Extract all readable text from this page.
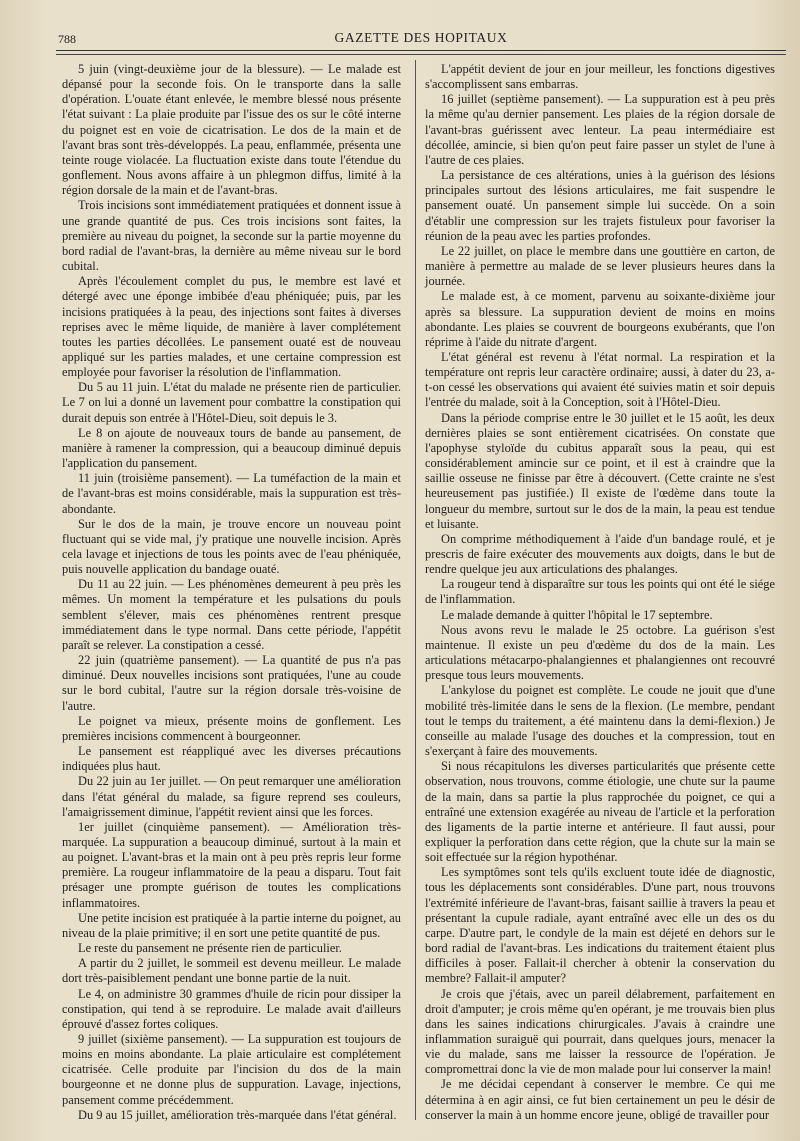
788	GAZETTE DES HOPITAUX

5 juin (vingt-deuxième jour de la blessure). — Le malade est dépansé pour la seconde fois. On le transporte dans la salle d'opération. L'ouate étant enlevée, le membre blessé nous présente l'état suivant : La plaie produite par l'issue des os sur le côté interne du poignet est en voie de cicatrisation. Le dos de la main et de l'avant bras sont très-développés. La peau, enflammée, présenta une teinte rouge violacée. La fluctuation existe dans toute l'étendue du gonflement. Nous avons affaire à un phlegmon diffus, limité à la région dorsale de la main et de l'avant-bras.

Trois incisions sont immédiatement pratiquées et donnent issue à une grande quantité de pus. Ces trois incisions sont faites, la première au niveau du poignet, la seconde sur la partie moyenne du bord radial de l'avant-bras, la dernière au même niveau sur le bord cubital.

Après l'écoulement complet du pus, le membre est lavé et détergé avec une éponge imbibée d'eau phéniquée; puis, par les incisions pratiquées à la peau, des injections sont faites à diverses reprises avec le même liquide, de manière à laver complétement toutes les parties décollées. Le pansement ouaté est de nouveau appliqué sur les parties malades, et une certaine compression est employée pour favoriser la résolution de l'inflammation.

Du 5 au 11 juin. L'état du malade ne présente rien de particulier. Le 7 on lui a donné un lavement pour combattre la constipation qui durait depuis son entrée à l'Hôtel-Dieu, soit depuis le 3.

Le 8 on ajoute de nouveaux tours de bande au pansement, de manière à ramener la compression, qui a beaucoup diminué depuis l'application du pansement.

11 juin (troisième pansement). — La tuméfaction de la main et de l'avant-bras est moins considérable, mais la suppuration est très-abondante.

Sur le dos de la main, je trouve encore un nouveau point fluctuant qui se vide mal, j'y pratique une nouvelle incision. Après cela lavage et injections de tous les points avec de l'eau phéniquée, puis nouvelle application du bandage ouaté.

Du 11 au 22 juin. — Les phénomènes demeurent à peu près les mêmes. Un moment la température et les pulsations du pouls semblent s'élever, mais ces phénomènes rentrent presque immédiatement dans le type normal. Dans cette période, l'appétit paraît se relever. La constipation a cessé.

22 juin (quatrième pansement). — La quantité de pus n'a pas diminué. Deux nouvelles incisions sont pratiquées, l'une au coude sur le bord cubital, l'autre sur la région dorsale très-voisine de l'autre.

Le poignet va mieux, présente moins de gonflement. Les premières incisions commencent à bourgeonner.

Le pansement est réappliqué avec les diverses précautions indiquées plus haut.

Du 22 juin au 1er juillet. — On peut remarquer une amélioration dans l'état général du malade, sa figure reprend ses couleurs, l'amaigrissement diminue, l'appétit revient ainsi que les forces.

1er juillet (cinquième pansement). — Amélioration très-marquée. La suppuration a beaucoup diminué, surtout à la main et au poignet. L'avant-bras et la main ont à peu près repris leur forme première. La rougeur inflammatoire de la peau a disparu. Tout fait présager une prompte guérison de toutes les complications inflammatoires.

Une petite incision est pratiquée à la partie interne du poignet, au niveau de la plaie primitive; il en sort une petite quantité de pus.

Le reste du pansement ne présente rien de particulier.

A partir du 2 juillet, le sommeil est devenu meilleur. Le malade dort très-paisiblement pendant une bonne partie de la nuit.

Le 4, on administre 30 grammes d'huile de ricin pour dissiper la constipation, qui tend à se reproduire. Le malade avait d'ailleurs éprouvé d'assez fortes coliques.

9 juillet (sixième pansement). — La suppuration est toujours de moins en moins abondante. La plaie articulaire est complétement cicatrisée. Celle produite par l'incision du dos de la main bourgeonne et ne donne plus de suppuration. Lavage, injections, pansement comme précédemment.

Du 9 au 15 juillet, amélioration très-marquée dans l'état général.

L'appétit devient de jour en jour meilleur, les fonctions digestives s'accomplissent sans embarras.

16 juillet (septième pansement). — La suppuration est à peu près la même qu'au dernier pansement. Les plaies de la région dorsale de l'avant-bras guérissent avec lenteur. La peau intermédiaire est décollée, amincie, si bien qu'on peut faire passer un stylet de l'une à l'autre de ces plaies.

La persistance de ces altérations, unies à la guérison des lésions principales surtout des lésions articulaires, me fait suspendre le pansement ouaté. Un pansement simple lui succède. On a soin d'établir une compression sur les trajets fistuleux pour favoriser la réunion de la peau avec les parties profondes.

Le 22 juillet, on place le membre dans une gouttière en carton, de manière à permettre au malade de se lever plusieurs heures dans la journée.

Le malade est, à ce moment, parvenu au soixante-dixième jour après sa blessure. La suppuration devient de moins en moins abondante. Les plaies se couvrent de bourgeons exubérants, que l'on réprime à l'aide du nitrate d'argent.

L'état général est revenu à l'état normal. La respiration et la température ont repris leur caractère ordinaire; aussi, à dater du 23, a-t-on cessé les observations qui avaient été suivies matin et soir depuis l'entrée du malade, soit à la Conception, soit à l'Hôtel-Dieu.

Dans la période comprise entre le 30 juillet et le 15 août, les deux dernières plaies se sont entièrement cicatrisées. On constate que l'apophyse styloïde du cubitus apparaît sous la peau, qui est considérablement amincie sur ce point, et il est à craindre que la saillie osseuse ne finisse par être à découvert. (Cette crainte ne s'est heureusement pas justifiée.) Il existe de l'œdème dans toute la longueur du membre, surtout sur le dos de la main, la peau est tendue et luisante.

On comprime méthodiquement à l'aide d'un bandage roulé, et je prescris de faire exécuter des mouvements aux doigts, dans le but de rendre quelque jeu aux articulations des phalanges.

La rougeur tend à disparaître sur tous les points qui ont été le siége de l'inflammation.

Le malade demande à quitter l'hôpital le 17 septembre.

Nous avons revu le malade le 25 octobre. La guérison s'est maintenue. Il existe un peu d'œdème du dos de la main. Les articulations métacarpo-phalangiennes et phalangiennes ont recouvré presque tous leurs mouvements.

L'ankylose du poignet est complète. Le coude ne jouit que d'une mobilité très-limitée dans le sens de la flexion. (Le membre, pendant tout le temps du traitement, a été maintenu dans la demi-flexion.) Je conseille au malade l'usage des douches et la compression, tout en s'exerçant à faire des mouvements.

Si nous récapitulons les diverses particularités que présente cette observation, nous trouvons, comme étiologie, une chute sur la paume de la main, dans sa partie la plus rapprochée du poignet, ce qui a entraîné une extension exagérée au niveau de l'article et la perforation des ligaments de la partie interne et antérieure. Il faut aussi, pour expliquer la perforation dans cette région, que la chute sur la main se soit effectuée sur la région hypothénar.

Les symptômes sont tels qu'ils excluent toute idée de diagnostic, tous les déplacements sont considérables. D'une part, nous trouvons l'extrémité inférieure de l'avant-bras, faisant saillie à travers la peau et présentant la cupule radiale, ayant entraîné avec elle un des os du carpe. D'autre part, le condyle de la main est déjeté en dehors sur le bord radial de l'avant-bras. Les indications du traitement étaient plus difficiles à poser. Fallait-il chercher à obtenir la conservation du membre? Fallait-il amputer?

Je crois que j'étais, avec un pareil délabrement, parfaitement en droit d'amputer; je crois même qu'en opérant, je me trouvais bien plus dans les saines indications chirurgicales. J'avais à craindre une inflammation suraiguë qui pourrait, dans quelques jours, menacer la vie du malade, sans me laisser la ressource de l'opération. Je compromettrai donc la vie de mon malade pour lui conserver la main!

Je me décidai cependant à conserver le membre. Ce qui me détermina à en agir ainsi, ce fut bien certainement un peu le désir de conserver la main à un homme encore jeune, obligé de travailler pour
